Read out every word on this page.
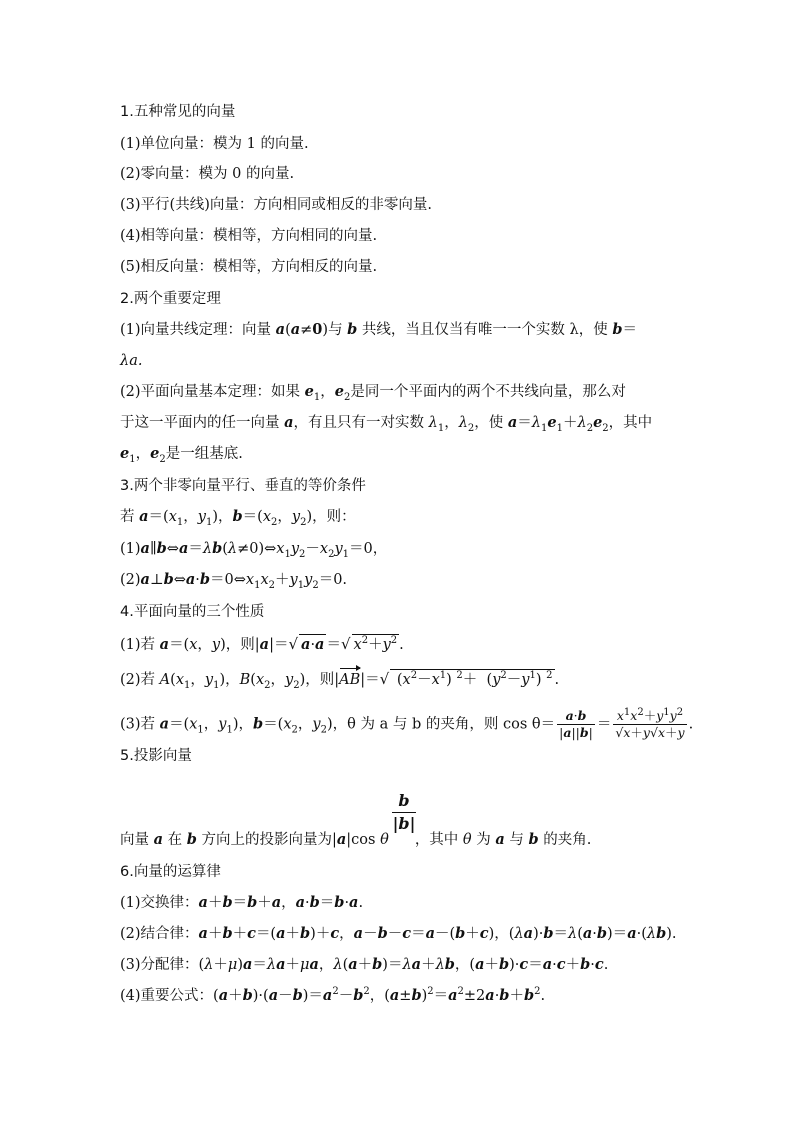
1.五种常见的向量
(1)单位向量：模为 1 的向量.
(2)零向量：模为 0 的向量.
(3)平行(共线)向量：方向相同或相反的非零向量.
(4)相等向量：模相等，方向相同的向量.
(5)相反向量：模相等，方向相反的向量.
2.两个重要定理
(1)向量共线定理：向量 a(a≠0)与 b 共线，当且仅当有唯一一个实数 λ，使 b＝
λa.
(2)平面向量基本定理：如果 $e_1$，$e_2$是同一个平面内的两个不共线向量，那么对
于这一平面内的任一向量 a，有且只有一对实数 $\lambda_1$，$\lambda_2$，使 $a=\lambda_1e_1+\lambda_2e_2$，其中
$e_1$，$e_2$是一组基底.
3.两个非零向量平行、垂直的等价条件
若 $a=(x_1$，$y_1$)，$b=(x_2$，$y_2$)，则：
$(1)a\parallel b\Leftrightarrow a=\lambda b(\lambda\ne 0)\Leftrightarrow x_1y_2-x_2y_1=0$，
$(2)a\perp b\Leftrightarrow a\cdot b=0\Leftrightarrow x_1x_2+y_1y_2=0$.
4.平面向量的三个性质
(1)若 a＝(x，y)，则|a|＝√ a·a ＝√ $x^2+y^2$ .
(2)若 $A(x_1$，$y_1$)，$B(x_2$，$y_2$)，则|AB|＝√ $(x^2-x^1)$ $^2+ (y^2-y^1)$ $^2$ .
(3)若 $a=(x_1$，$y_1$)，$b=(x_2$，$y_2$)，θ 为 a 与 b 的夹角，则 $\cos \theta= \frac{a\cdot b}{|a||b|} = \frac{x^1x^2+y^1y^2}{√x+y√x+y}$ .
5.投影向量
$\frac{b}{|b|}$
向量 a 在 b 方向上的投影向量为|a|cos θ ，其中 θ 为 a 与 b 的夹角.
6.向量的运算律
(1)交换律：a＋b＝b＋a，a·b＝b·a.
(2)结合律：a＋b＋c＝(a＋b)＋c，a－b－c＝a－(b＋c)，(λa)·b＝λ(a·b)＝a·(λb).
(3)分配律：(λ＋μ)a＝λa＋μa，λ(a＋b)＝λa＋λb，(a＋b)·c＝a·c＋b·c.
(4)重要公式：$(a+b)\cdot(a-b)=a^2-b^2$，$(a\pm b)^2=a^2\pm 2a\cdot b+b^2$.
